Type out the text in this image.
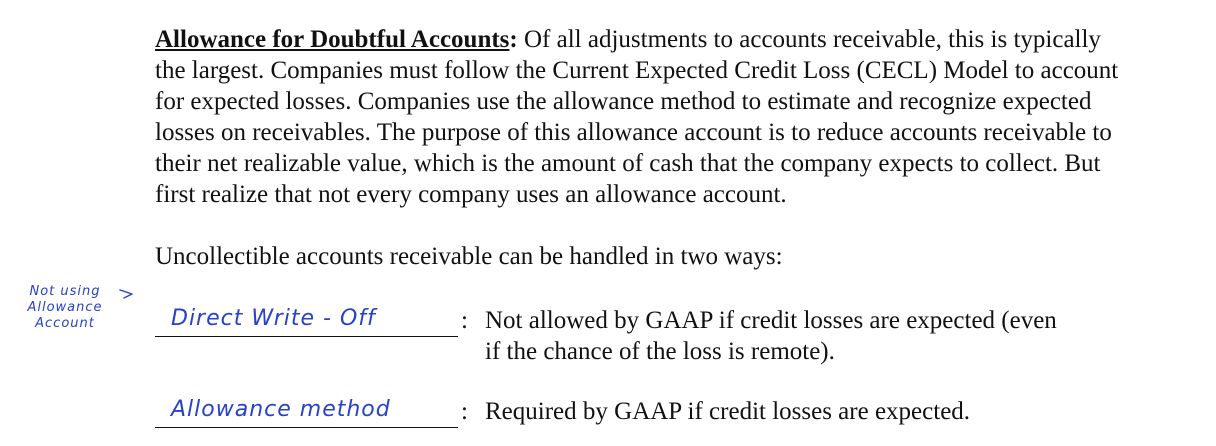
Allowance for Doubtful Accounts: Of all adjustments to accounts receivable, this is typically
the largest. Companies must follow the Current Expected Credit Loss (CECL) Model to account
for expected losses. Companies use the allowance method to estimate and recognize expected
losses on receivables. The purpose of this allowance account is to reduce accounts receivable to
their net realizable value, which is the amount of cash that the company expects to collect. But
first realize that not every company uses an allowance account.

Uncollectible accounts receivable can be handled in two ways:

Not using
Allowance
Account	Direct Write - Off	: Not allowed by GAAP if credit losses are expected (even
if the chance of the loss is remote).
Allowance method	: Required by GAAP if credit losses are expected.
